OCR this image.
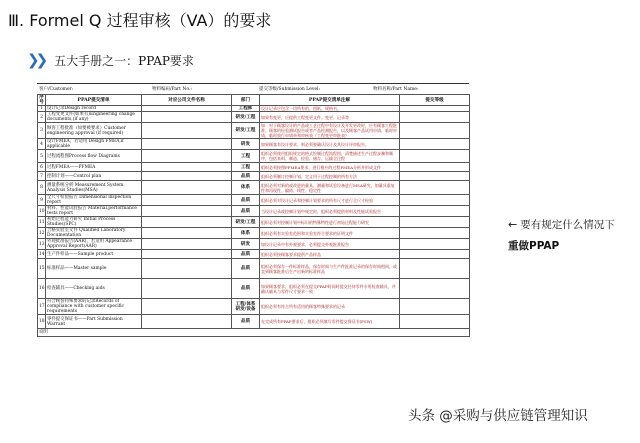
Ⅲ. Formel Q 过程审核（VA）的要求
❯❯ 五大手册之一：PPAP要求
客户/Customer:	物料编码/Part No.:	提交等级/Submission Level:	物料名称/Part Name:
序号	PPAP提交清单	对应公司文件名称	部门	PPAP提交清单注解	提交等级
1	设计记录Design record		工程部	设计记录应包含一切所有的、图纸、规格书。	

2	工程变更文件(如果有)Engineering change documents,(if any)		研发/工程	如果有变更，应提供工程变更文件。变更、记录等	

3	顾客工程批准（如要被要求）Customer engineering approval (if required)		研发/工程	如：对于顾客设计的产品或工艺过程中有设计及开发更改时，应有顾客工程批准。顾客的检验测试报告或者产品检测报告，以及顾客产品试用申请，临时申请，临时放行申请单和审核表（工程变更审批表）	

4	设计FMEA，若适用 Design FMEA,if applicable		研发	如果顾客有设计要求，则必须要确认设计及其设计评审报告。	

5	过程流程图Process flow Diagrams		工程	组织必须使用组织规定的格式绘制过程流程图，清楚描述生产过程步骤和顺序，包括来料、制造、检验、储存、运输全过程	

6	过程FMEA——PFMEA		工程	组织必须按照PFMEA要求，进行相应的过程FMEA分析并形成文件	

7	控制计划——Control plan		品质	组织必须制订控制计划，定义用于过程控制的所有方法	

8	测量系统分析 Measurement System Analysis Studies(MSA)		体系	组织必须对新的或改进的量具、测量和试验设备进行MSA研究，如量具重复性和再现性、偏倚、线性、稳定性	

9	全尺寸检验报告 Dimensional inspection report		品质	组织必须对设计记录和控制计划要求的所有尺寸进行全尺寸检验	

10	材料、性能试验报告 Material,performance tests report		品质	当设计记录或控制计划中规定时，组织必须提供材料及性能试验报告	

11	初始过程能力研究 Initial Process Studies(SPC)		研发/工程	组织必须对控制计划中标识的特殊特性进行初始过程能力研究	

12	合格实验室文件 Qualified Laboratory Documentation		体系	组织必须有实验室范围和实验室符合要求的证明文件	

13	外观批准报告(AAR)，若适用 Appearance Approval Report(AAR)		研发	如设计记录中有外观要求，必须提交外观批准报告	

14	生产件样品——Sample product		品质	组织必须按顾客要求提供产品样品	

15	标准样品——Master sample		品质	组织必须保存一件标准样品，保存时间与生产件批准记录的保存时间相同，或直到顾客批准后生产出新的标准样品	

16	检查辅具——Checking aids		品质	如果顾客要求，组织必须在提交PPAP时同时提交任何零件专用检查辅具，并确认辅具与零件尺寸要求一致	

17	符合顾客特殊要求的记录Records of compliance with customer specific requirements		工程/体系 研发/设备	组织必须有符合所有适用的顾客特殊要求的记录	

18	零件提交保证书——Part Submission Warrant		品质	在完成所有PPAP要求后，组织必须填写零件提交保证书(PSW)	

说明					
← 要有规定什么情况下
重做PPAP
头条 @采购与供应链管理知识
